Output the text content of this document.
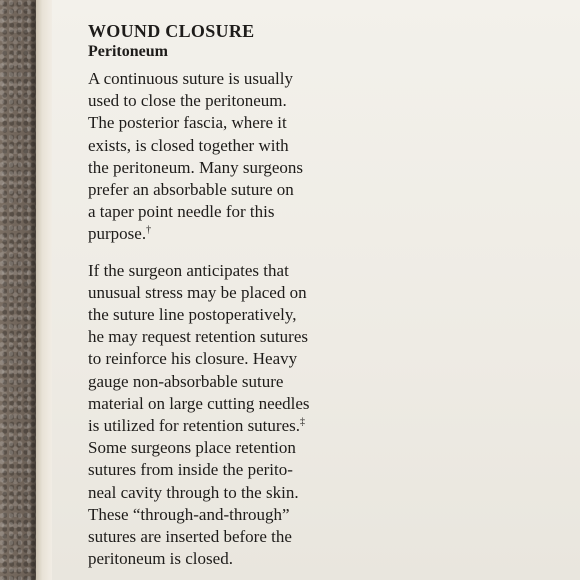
WOUND CLOSURE
Peritoneum

A continuous suture is usually
used to close the peritoneum.
The posterior fascia, where it
exists, is closed together with
the peritoneum. Many surgeons
prefer an absorbable suture on
a taper point needle for this
purpose.†

If the surgeon anticipates that
unusual stress may be placed on
the suture line postoperatively,
he may request retention sutures
to reinforce his closure. Heavy
gauge non-absorbable suture
material on large cutting needles
is utilized for retention sutures.‡
Some surgeons place retention
sutures from inside the perito-
neal cavity through to the skin.
These “through-and-through”
sutures are inserted before the
peritoneum is closed.
